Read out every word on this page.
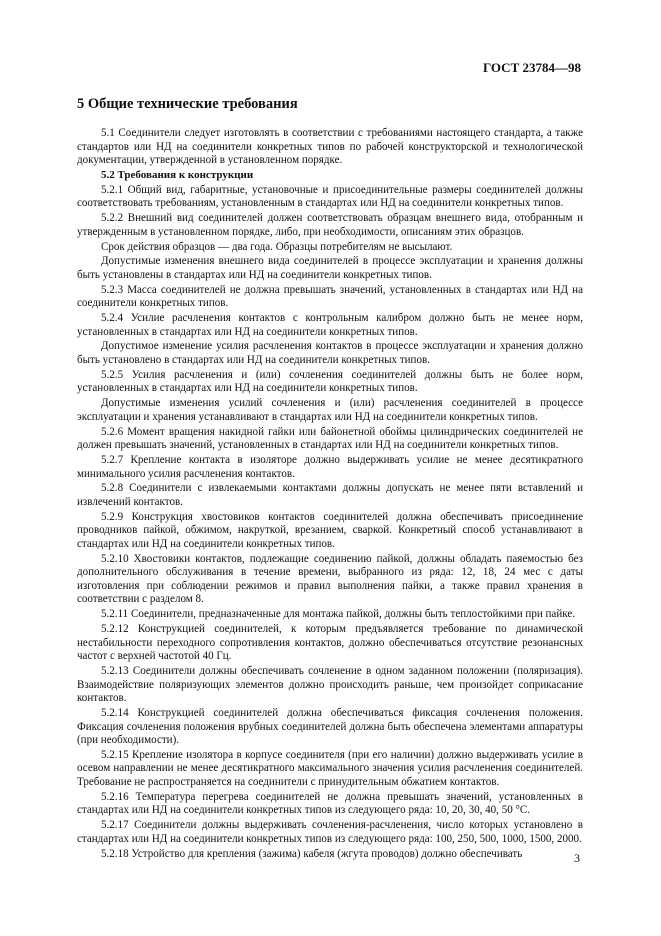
ГОСТ 23784—98
5 Общие технические требования
5.1 Соединители следует изготовлять в соответствии с требованиями настоящего стандарта, а также стандартов или НД на соединители конкретных типов по рабочей конструкторской и технологической документации, утвержденной в установленном порядке.
5.2 Требования к конструкции
5.2.1 Общий вид, габаритные, установочные и присоединительные размеры соединителей должны соответствовать требованиям, установленным в стандартах или НД на соединители конкретных типов.
5.2.2 Внешний вид соединителей должен соответствовать образцам внешнего вида, отобранным и утвержденным в установленном порядке, либо, при необходимости, описаниям этих образцов.
Срок действия образцов — два года. Образцы потребителям не высылают.
Допустимые изменения внешнего вида соединителей в процессе эксплуатации и хранения должны быть установлены в стандартах или НД на соединители конкретных типов.
5.2.3 Масса соединителей не должна превышать значений, установленных в стандартах или НД на соединители конкретных типов.
5.2.4 Усилие расчленения контактов с контрольным калибром должно быть не менее норм, установленных в стандартах или НД на соединители конкретных типов.
Допустимое изменение усилия расчленения контактов в процессе эксплуатации и хранения должно быть установлено в стандартах или НД на соединители конкретных типов.
5.2.5 Усилия расчленения и (или) сочленения соединителей должны быть не более норм, установленных в стандартах или НД на соединители конкретных типов.
Допустимые изменения усилий сочленения и (или) расчленения соединителей в процессе эксплуатации и хранения устанавливают в стандартах или НД на соединители конкретных типов.
5.2.6 Момент вращения накидной гайки или байонетной обоймы цилиндрических соединителей не должен превышать значений, установленных в стандартах или НД на соединители конкретных типов.
5.2.7 Крепление контакта в изоляторе должно выдерживать усилие не менее десятикратного минимального усилия расчленения контактов.
5.2.8 Соединители с извлекаемыми контактами должны допускать не менее пяти вставлений и извлечений контактов.
5.2.9 Конструкция хвостовиков контактов соединителей должна обеспечивать присоединение проводников пайкой, обжимом, накруткой, врезанием, сваркой. Конкретный способ устанавливают в стандартах или НД на соединители конкретных типов.
5.2.10 Хвостовики контактов, подлежащие соединению пайкой, должны обладать паяемостью без дополнительного обслуживания в течение времени, выбранного из ряда: 12, 18, 24 мес с даты изготовления при соблюдении режимов и правил выполнения пайки, а также правил хранения в соответствии с разделом 8.
5.2.11 Соединители, предназначенные для монтажа пайкой, должны быть теплостойкими при пайке.
5.2.12 Конструкцией соединителей, к которым предъявляется требование по динамической нестабильности переходного сопротивления контактов, должно обеспечиваться отсутствие резонансных частот с верхней частотой 40 Гц.
5.2.13 Соединители должны обеспечивать сочленение в одном заданном положении (поляризация). Взаимодействие поляризующих элементов должно происходить раньше, чем произойдет соприкасание контактов.
5.2.14 Конструкцией соединителей должна обеспечиваться фиксация сочленения положения. Фиксация сочленения положения врубных соединителей должна быть обеспечена элементами аппаратуры (при необходимости).
5.2.15 Крепление изолятора в корпусе соединителя (при его наличии) должно выдерживать усилие в осевом направлении не менее десятикратного максимального значения усилия расчленения соединителей. Требование не распространяется на соединители с принудительным обжатием контактов.
5.2.16 Температура перегрева соединителей не должна превышать значений, установленных в стандартах или НД на соединители конкретных типов из следующего ряда: 10, 20, 30, 40, 50 °С.
5.2.17 Соединители должны выдерживать сочленения-расчленения, число которых установлено в стандартах или НД на соединители конкретных типов из следующего ряда: 100, 250, 500, 1000, 1500, 2000.
5.2.18 Устройство для крепления (зажима) кабеля (жгута проводов) должно обеспечивать	3
